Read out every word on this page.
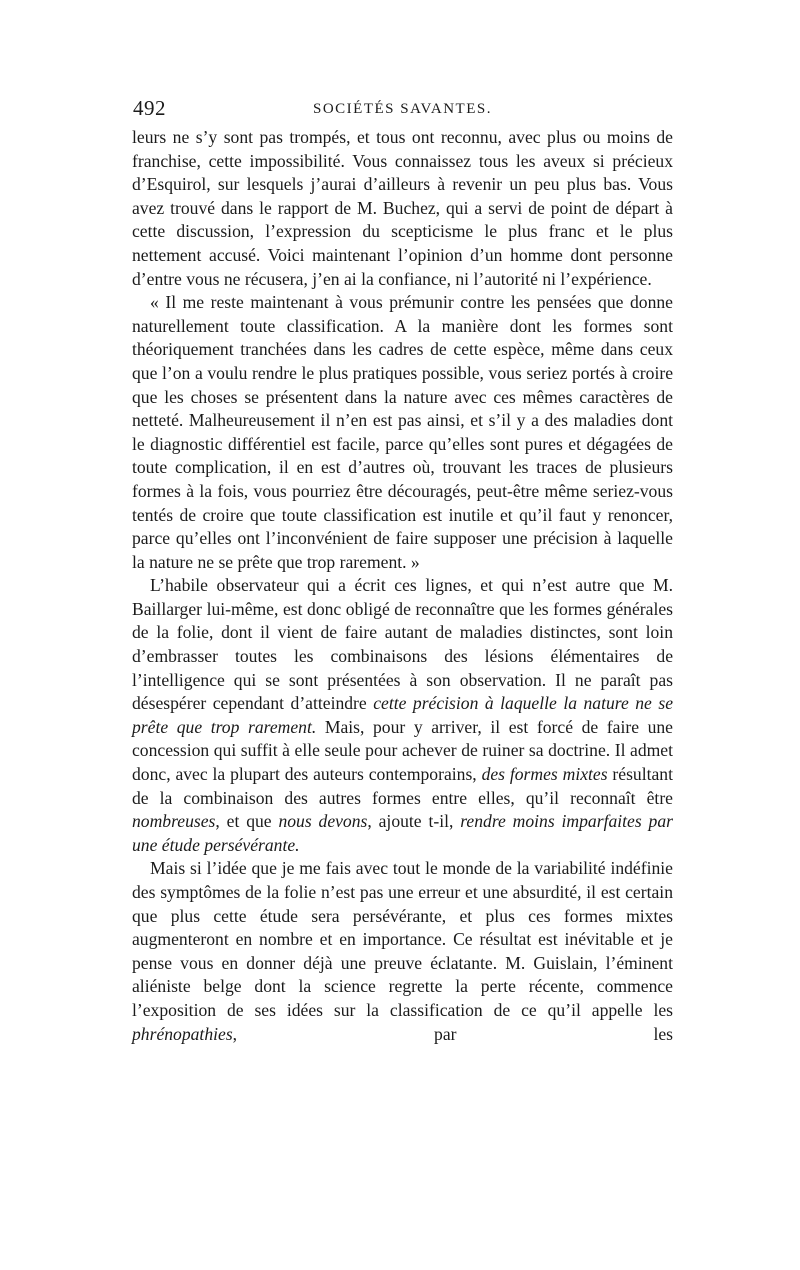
492	SOCIÉTÉS SAVANTES.

leurs ne s’y sont pas trompés, et tous ont reconnu, avec plus ou moins de franchise, cette impossibilité. Vous connaissez tous les aveux si précieux d’Esquirol, sur lesquels j’aurai d’ailleurs à revenir un peu plus bas. Vous avez trouvé dans le rapport de M. Buchez, qui a servi de point de départ à cette discussion, l’expression du scepticisme le plus franc et le plus nettement accusé. Voici maintenant l’opinion d’un homme dont personne d’entre vous ne récusera, j’en ai la confiance, ni l’autorité ni l’expérience.

« Il me reste maintenant à vous prémunir contre les pensées que donne naturellement toute classification. A la manière dont les formes sont théoriquement tranchées dans les cadres de cette espèce, même dans ceux que l’on a voulu rendre le plus pratiques possible, vous seriez portés à croire que les choses se présentent dans la nature avec ces mêmes caractères de netteté. Malheureusement il n’en est pas ainsi, et s’il y a des maladies dont le diagnostic différentiel est facile, parce qu’elles sont pures et dégagées de toute complication, il en est d’autres où, trouvant les traces de plusieurs formes à la fois, vous pourriez être découragés, peut-être même seriez-vous tentés de croire que toute classification est inutile et qu’il faut y renoncer, parce qu’elles ont l’inconvénient de faire supposer une précision à laquelle la nature ne se prête que trop rarement. »

L’habile observateur qui a écrit ces lignes, et qui n’est autre que M. Baillarger lui-même, est donc obligé de reconnaître que les formes générales de la folie, dont il vient de faire autant de maladies distinctes, sont loin d’embrasser toutes les combinaisons des lésions élémentaires de l’intelligence qui se sont présentées à son observation. Il ne paraît pas désespérer cependant d’atteindre cette précision à laquelle la nature ne se prête que trop rarement. Mais, pour y arriver, il est forcé de faire une concession qui suffit à elle seule pour achever de ruiner sa doctrine. Il admet donc, avec la plupart des auteurs contemporains, des formes mixtes résultant de la combinaison des autres formes entre elles, qu’il reconnaît être nombreuses, et que nous devons, ajoute t-il, rendre moins imparfaites par une étude persévérante.

Mais si l’idée que je me fais avec tout le monde de la variabilité indéfinie des symptômes de la folie n’est pas une erreur et une absurdité, il est certain que plus cette étude sera persévérante, et plus ces formes mixtes augmenteront en nombre et en importance. Ce résultat est inévitable et je pense vous en donner déjà une preuve éclatante. M. Guislain, l’éminent aliéniste belge dont la science regrette la perte récente, commence l’exposition de ses idées sur la classification de ce qu’il appelle les phrénopathies, par les
